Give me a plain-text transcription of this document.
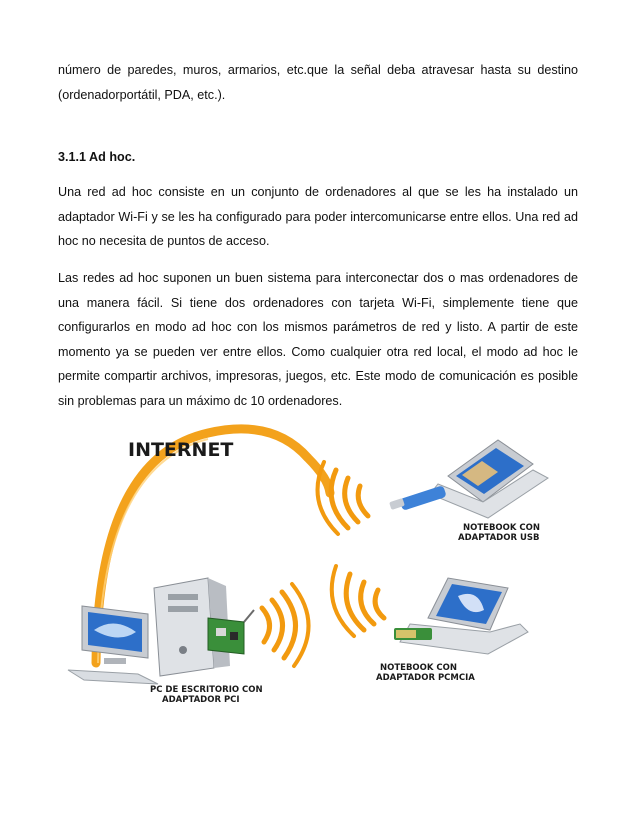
número de paredes, muros, armarios, etc.que la señal deba atravesar hasta su destino (ordenadorportátil, PDA, etc.).

3.1.1 Ad hoc.

Una red ad hoc consiste en un conjunto de ordenadores al que se les ha instalado un adaptador Wi-Fi y se les ha configurado para poder intercomunicarse entre ellos. Una red ad hoc no necesita de puntos de acceso.

Las redes ad hoc suponen un buen sistema para interconectar dos o mas ordenadores de una manera fácil. Si tiene dos ordenadores con tarjeta Wi-Fi, simplemente tiene que configurarlos en modo ad hoc con los mismos parámetros de red y listo. A partir de este momento ya se pueden ver entre ellos. Como cualquier otra red local, el modo ad hoc le permite compartir archivos, impresoras, juegos, etc. Este modo de comunicación es posible sin problemas para un máximo dc 10 ordenadores.

INTERNET
NOTEBOOK CON
ADAPTADOR USB
NOTEBOOK CON
ADAPTADOR PCMCIA
PC DE ESCRITORIO CON
ADAPTADOR PCI
